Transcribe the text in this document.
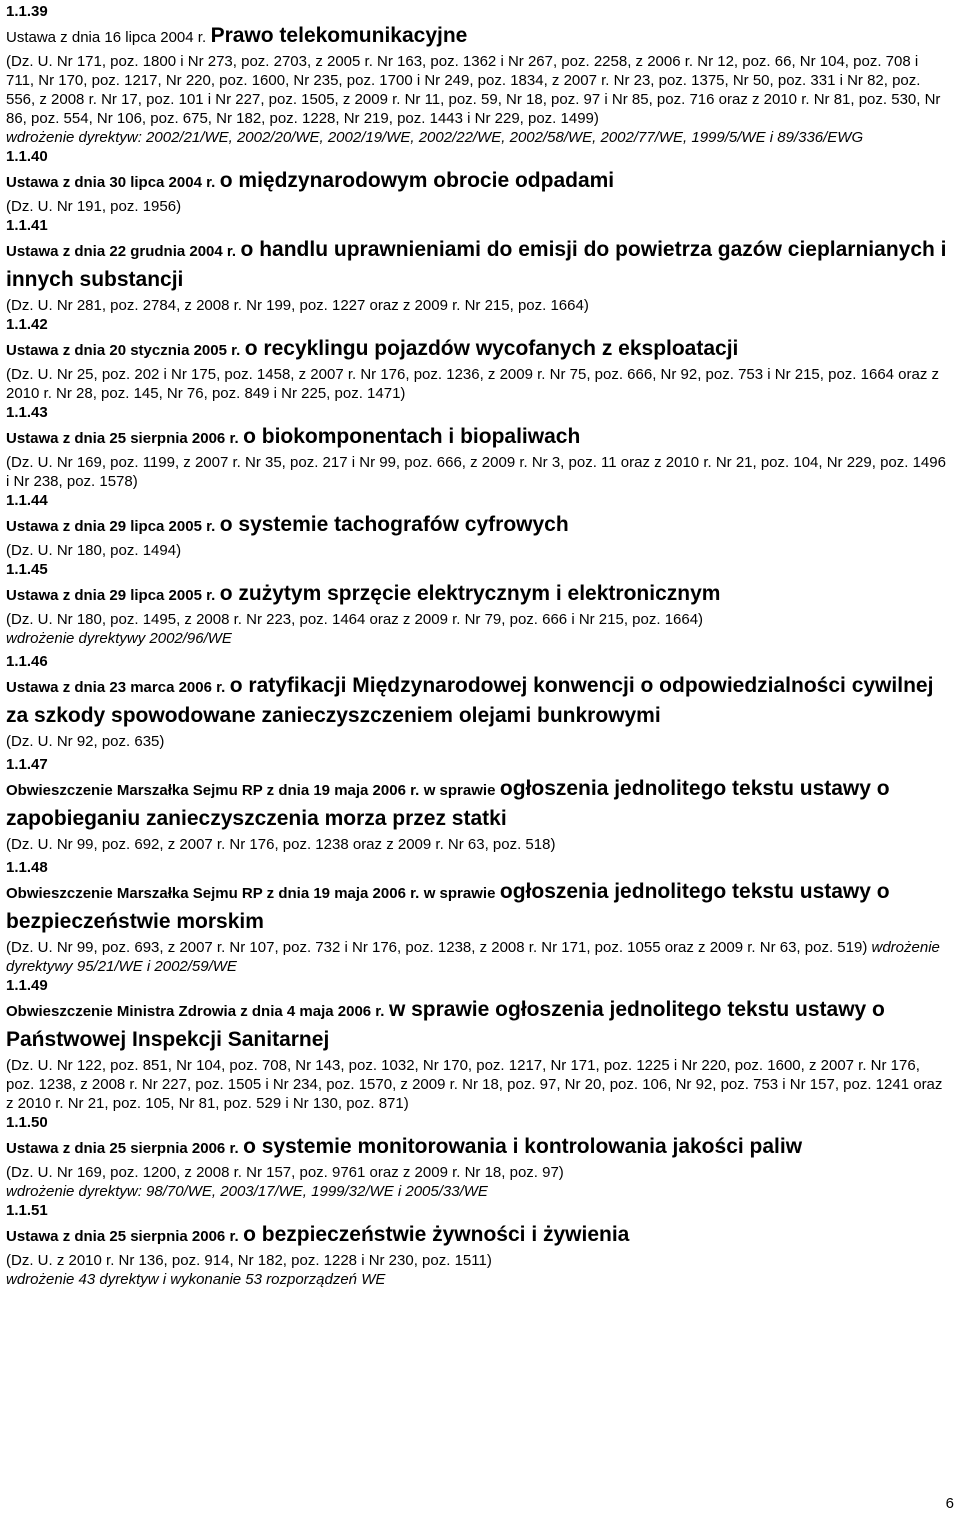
1.1.39

Ustawa z dnia 16 lipca 2004 r. Prawo telekomunikacyjne

(Dz. U. Nr 171, poz. 1800 i Nr 273, poz. 2703, z 2005 r. Nr 163, poz. 1362 i Nr 267, poz. 2258, z 2006 r. Nr 12, poz. 66, Nr 104, poz. 708 i 711, Nr 170, poz. 1217, Nr 220, poz. 1600, Nr 235, poz. 1700 i Nr 249, poz. 1834, z 2007 r. Nr 23, poz. 1375, Nr 50, poz. 331 i Nr 82, poz. 556, z 2008 r. Nr 17, poz. 101 i Nr 227, poz. 1505, z 2009 r. Nr 11, poz. 59, Nr 18, poz. 97 i Nr 85, poz. 716 oraz z 2010 r. Nr 81, poz. 530, Nr 86, poz. 554, Nr 106, poz. 675, Nr 182, poz. 1228, Nr 219, poz. 1443 i Nr 229, poz. 1499)

wdrożenie dyrektyw: 2002/21/WE, 2002/20/WE, 2002/19/WE, 2002/22/WE, 2002/58/WE, 2002/77/WE, 1999/5/WE i 89/336/EWG

1.1.40

Ustawa z dnia 30 lipca 2004 r. o międzynarodowym obrocie odpadami

(Dz. U. Nr 191, poz. 1956)

1.1.41

Ustawa z dnia 22 grudnia 2004 r. o handlu uprawnieniami do emisji do powietrza gazów cieplarnianych i innych substancji

(Dz. U. Nr 281, poz. 2784, z 2008 r. Nr 199, poz. 1227 oraz z 2009 r. Nr 215, poz. 1664)

1.1.42

Ustawa z dnia 20 stycznia 2005 r. o recyklingu pojazdów wycofanych z eksploatacji

(Dz. U. Nr 25, poz. 202 i Nr 175, poz. 1458, z 2007 r. Nr 176, poz. 1236, z 2009 r. Nr 75, poz. 666, Nr 92, poz. 753 i Nr 215, poz. 1664 oraz z 2010 r. Nr 28, poz. 145, Nr 76, poz. 849 i Nr 225, poz. 1471)

1.1.43

Ustawa z dnia 25 sierpnia 2006 r. o biokomponentach i biopaliwach

(Dz. U. Nr 169, poz. 1199, z 2007 r. Nr 35, poz. 217 i Nr 99, poz. 666, z 2009 r. Nr 3, poz. 11 oraz z 2010 r. Nr 21, poz. 104, Nr 229, poz. 1496 i Nr 238, poz. 1578)

1.1.44

Ustawa z dnia 29 lipca 2005 r. o systemie tachografów cyfrowych

(Dz. U. Nr 180, poz. 1494)

1.1.45

Ustawa z dnia 29 lipca 2005 r. o zużytym sprzęcie elektrycznym i elektronicznym

(Dz. U. Nr 180, poz. 1495, z 2008 r. Nr 223, poz. 1464 oraz z 2009 r. Nr 79, poz. 666 i Nr 215, poz. 1664)

wdrożenie dyrektywy 2002/96/WE

1.1.46

Ustawa z dnia 23 marca 2006 r. o ratyfikacji Międzynarodowej konwencji o odpowiedzialności cywilnej za szkody spowodowane zanieczyszczeniem olejami bunkrowymi

(Dz. U. Nr 92, poz. 635)

1.1.47

Obwieszczenie Marszałka Sejmu RP z dnia 19 maja 2006 r. w sprawie ogłoszenia jednolitego tekstu ustawy o zapobieganiu zanieczyszczenia morza przez statki

(Dz. U. Nr 99, poz. 692, z 2007 r. Nr 176, poz. 1238 oraz z 2009 r. Nr 63, poz. 518)

1.1.48

Obwieszczenie Marszałka Sejmu RP z dnia 19 maja 2006 r. w sprawie ogłoszenia jednolitego tekstu ustawy o bezpieczeństwie morskim

(Dz. U. Nr 99, poz. 693, z 2007 r. Nr 107, poz. 732 i Nr 176, poz. 1238, z 2008 r. Nr 171, poz. 1055 oraz z 2009 r. Nr 63, poz. 519) wdrożenie dyrektywy 95/21/WE i 2002/59/WE

1.1.49

Obwieszczenie Ministra Zdrowia z dnia 4 maja 2006 r. w sprawie ogłoszenia jednolitego tekstu ustawy o Państwowej Inspekcji Sanitarnej

(Dz. U. Nr 122, poz. 851, Nr 104, poz. 708, Nr 143, poz. 1032, Nr 170, poz. 1217, Nr 171, poz. 1225 i Nr 220, poz. 1600, z 2007 r. Nr 176, poz. 1238, z 2008 r. Nr 227, poz. 1505 i Nr 234, poz. 1570, z 2009 r. Nr 18, poz. 97, Nr 20, poz. 106, Nr 92, poz. 753 i Nr 157, poz. 1241 oraz z 2010 r. Nr 21, poz. 105, Nr 81, poz. 529 i Nr 130, poz. 871)

1.1.50

Ustawa z dnia 25 sierpnia 2006 r. o systemie monitorowania i kontrolowania jakości paliw

(Dz. U. Nr 169, poz. 1200, z 2008 r. Nr 157, poz. 9761 oraz z 2009 r. Nr 18, poz. 97)

wdrożenie dyrektyw: 98/70/WE, 2003/17/WE, 1999/32/WE i 2005/33/WE

1.1.51

Ustawa z dnia 25 sierpnia 2006 r. o bezpieczeństwie żywności i żywienia

(Dz. U. z 2010 r. Nr 136, poz. 914, Nr 182, poz. 1228 i Nr 230, poz. 1511)

wdrożenie 43 dyrektyw i wykonanie 53 rozporządzeń WE

6
